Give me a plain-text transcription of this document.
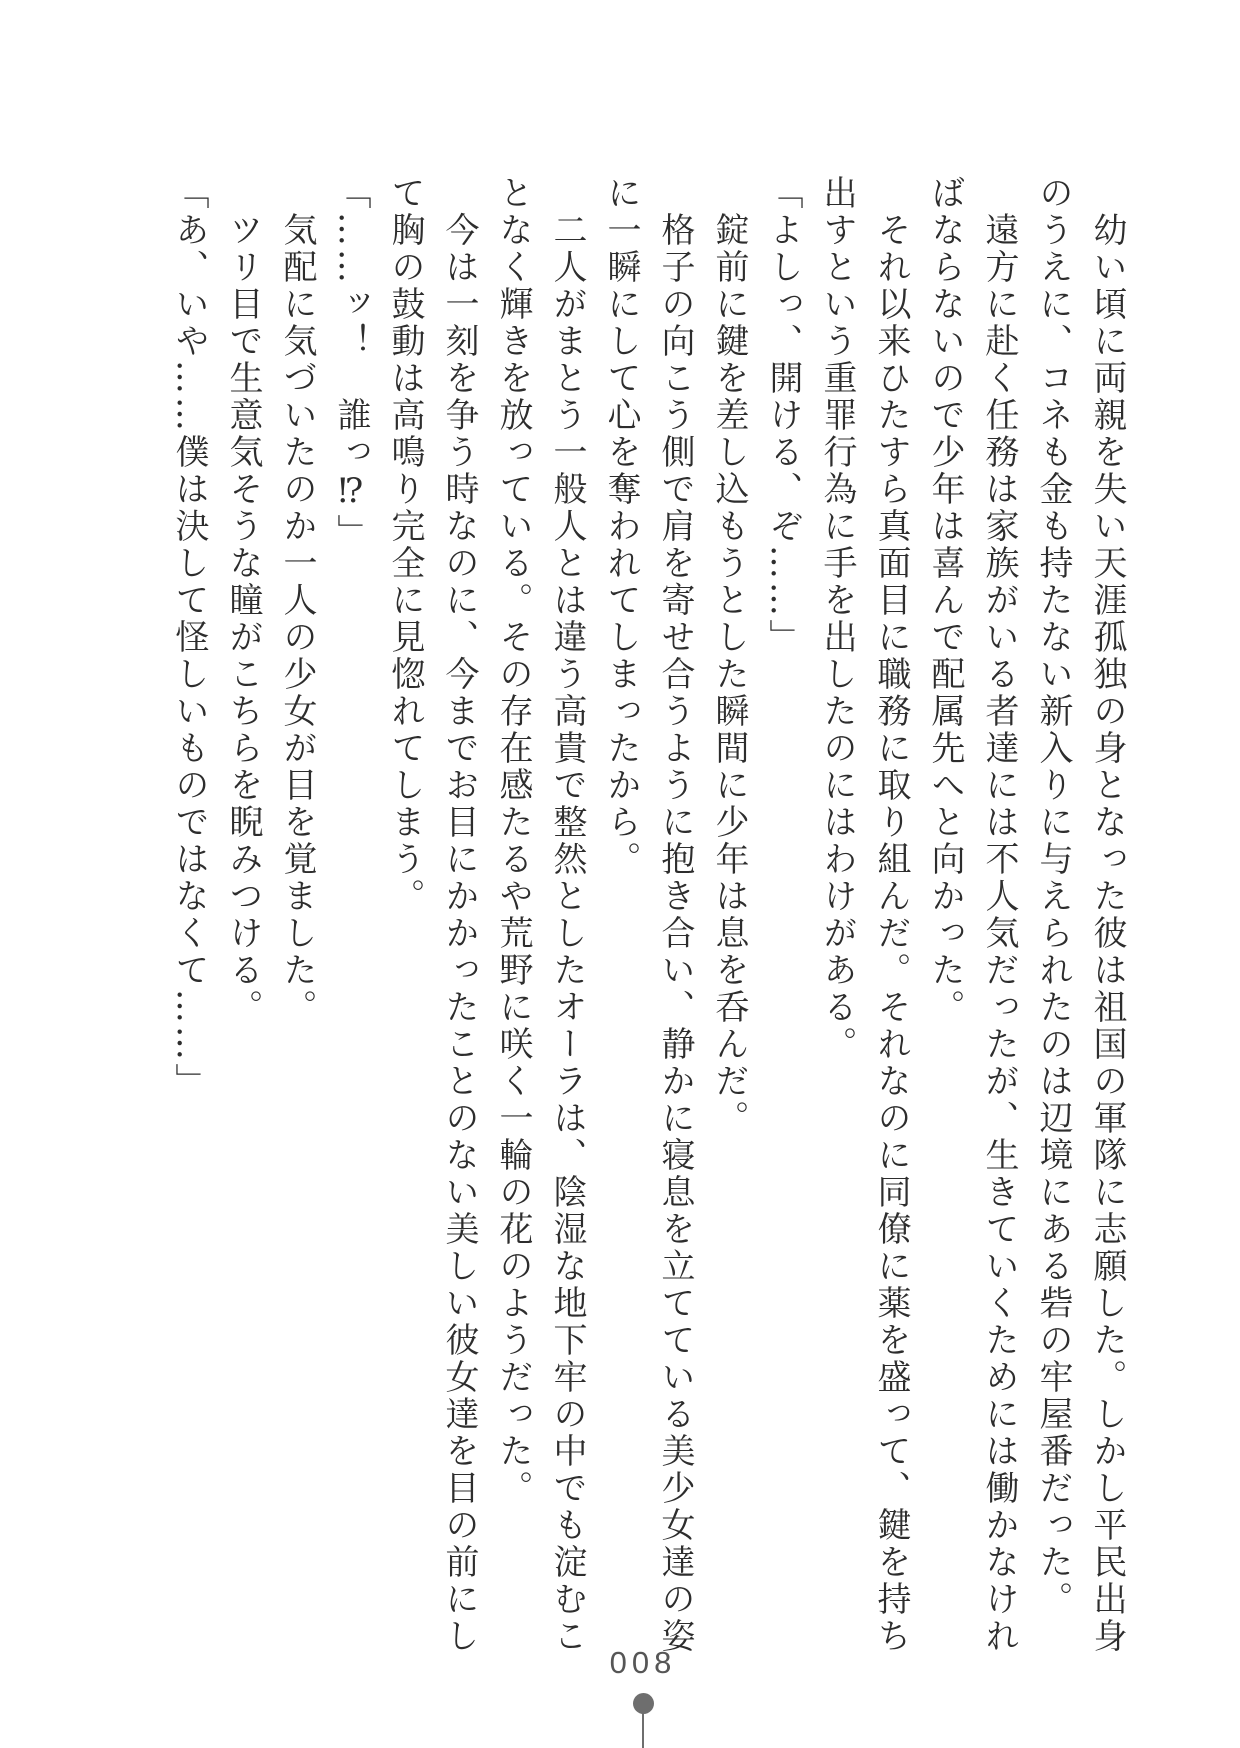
　幼い頃に両親を失い天涯孤独の身となった彼は祖国の軍隊に志願した。しかし平民出身
のうえに、コネも金も持たない新入りに与えられたのは辺境にある砦の牢屋番だった。
　遠方に赴く任務は家族がいる者達には不人気だったが、生きていくためには働かなけれ
ばならないので少年は喜んで配属先へと向かった。
　それ以来ひたすら真面目に職務に取り組んだ。それなのに同僚に薬を盛って、鍵を持ち
出すという重罪行為に手を出したのにはわけがある。
「よしっ、開ける、ぞ……」
　錠前に鍵を差し込もうとした瞬間に少年は息を呑んだ。
　格子の向こう側で肩を寄せ合うように抱き合い、静かに寝息を立てている美少女達の姿
に一瞬にして心を奪われてしまったから。
　二人がまとう一般人とは違う高貴で整然としたオーラは、陰湿な地下牢の中でも淀むこ
となく輝きを放っている。その存在感たるや荒野に咲く一輪の花のようだった。
　今は一刻を争う時なのに、今までお目にかかったことのない美しい彼女達を目の前にし
て胸の鼓動は高鳴り完全に見惚れてしまう。
「……ッ！　誰っ⁉」
　気配に気づいたのか一人の少女が目を覚ました。
　ツリ目で生意気そうな瞳がこちらを睨みつける。
「あ、いや……僕は決して怪しいものではなくて……」
008
